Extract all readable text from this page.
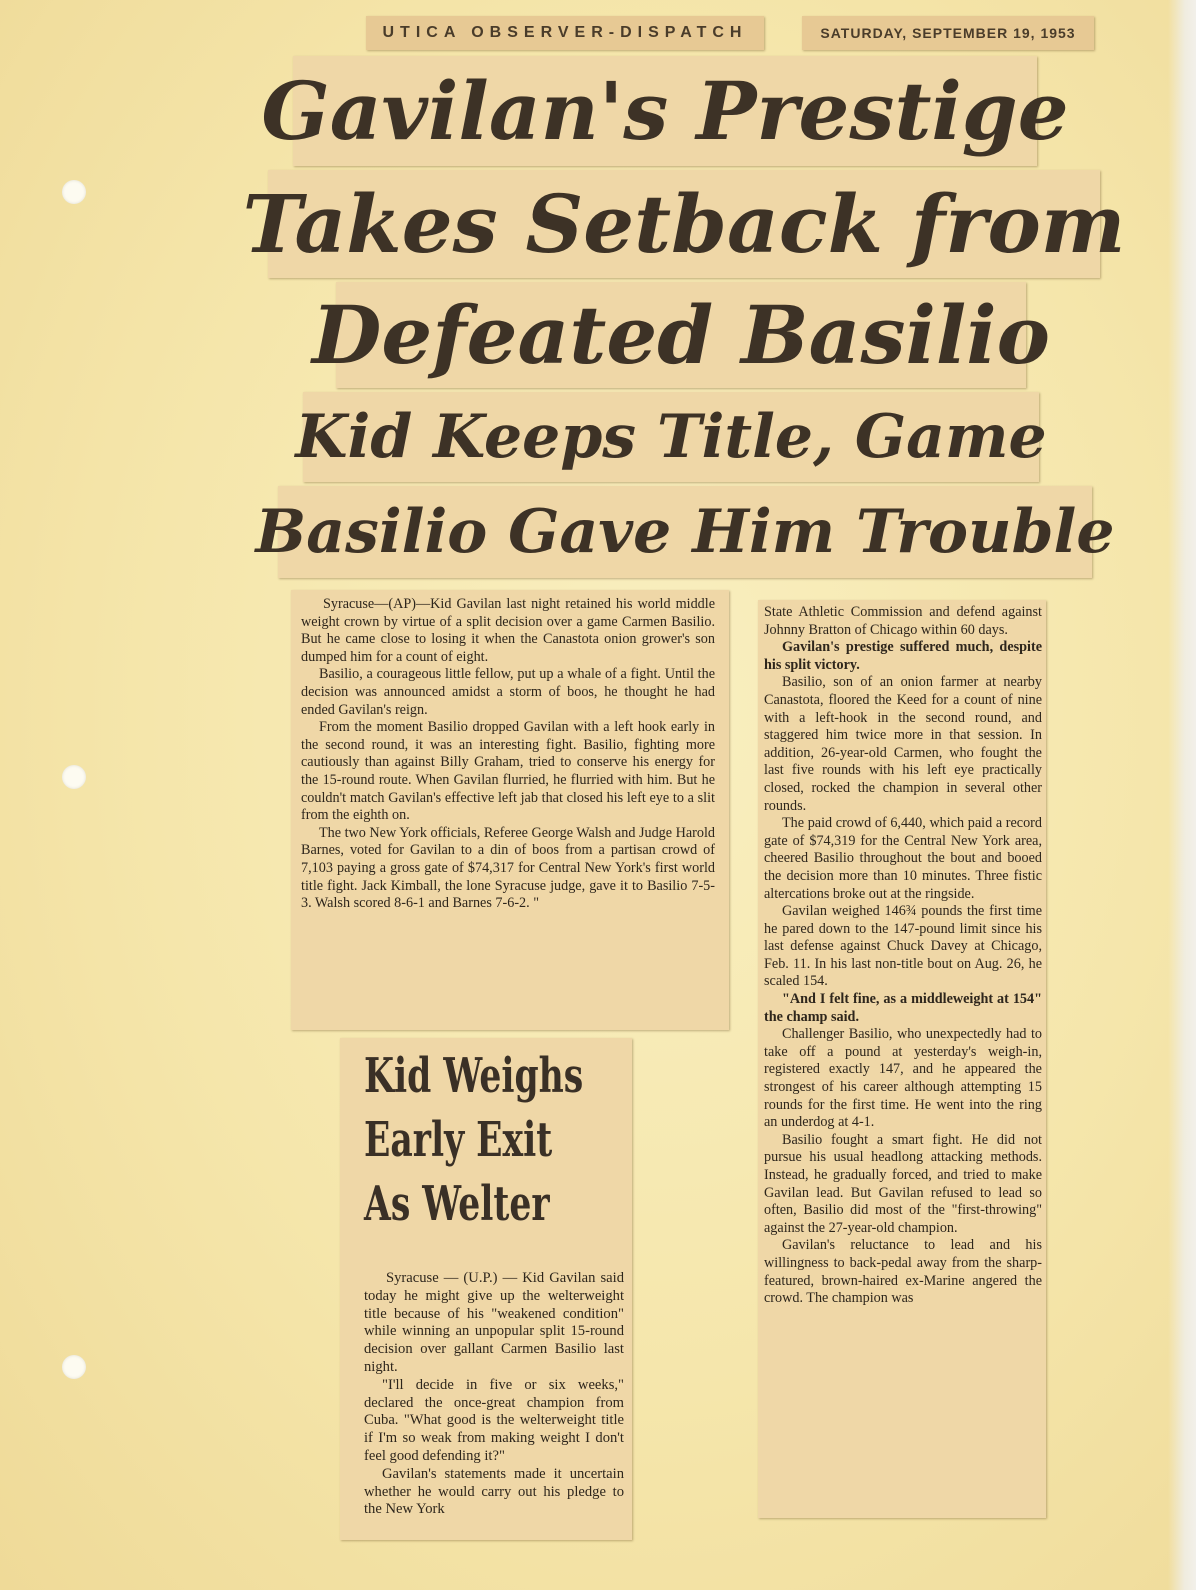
UTICA OBSERVER-DISPATCH	SATURDAY, SEPTEMBER 19, 1953
Gavilan's Prestige
Takes Setback from
Defeated Basilio
Kid Keeps Title, Game
Basilio Gave Him Trouble

Syracuse—(AP)—Kid Gavilan last night retained his world middle weight crown by virtue of a split decision over a game Carmen Basilio. But he came close to losing it when the Canastota onion grower's son dumped him for a count of eight.

Basilio, a courageous little fellow, put up a whale of a fight. Until the decision was announced amidst a storm of boos, he thought he had ended Gavilan's reign.

From the moment Basilio dropped Gavilan with a left hook early in the second round, it was an interesting fight. Basilio, fighting more cautiously than against Billy Graham, tried to conserve his energy for the 15-round route. When Gavilan flurried, he flurried with him. But he couldn't match Gavilan's effective left jab that closed his left eye to a slit from the eighth on.

The two New York officials, Referee George Walsh and Judge Harold Barnes, voted for Gavilan to a din of boos from a partisan crowd of 7,103 paying a gross gate of $74,317 for Central New York's first world title fight. Jack Kimball, the lone Syracuse judge, gave it to Basilio 7-5-3. Walsh scored 8-6-1 and Barnes 7-6-2. "

Kid Weighs
Early Exit
As Welter

Syracuse — (U.P.) — Kid Gavilan said today he might give up the welterweight title because of his "weakened condition" while winning an unpopular split 15-round decision over gallant Carmen Basilio last night.

"I'll decide in five or six weeks," declared the once-great champion from Cuba. "What good is the welterweight title if I'm so weak from making weight I don't feel good defending it?"

Gavilan's statements made it uncertain whether he would carry out his pledge to the New York

State Athletic Commission and defend against Johnny Bratton of Chicago within 60 days.

Gavilan's prestige suffered much, despite his split victory.

Basilio, son of an onion farmer at nearby Canastota, floored the Keed for a count of nine with a left-hook in the second round, and staggered him twice more in that session. In addition, 26-year-old Carmen, who fought the last five rounds with his left eye practically closed, rocked the champion in several other rounds.

The paid crowd of 6,440, which paid a record gate of $74,319 for the Central New York area, cheered Basilio throughout the bout and booed the decision more than 10 minutes. Three fistic altercations broke out at the ringside.

Gavilan weighed 146¾ pounds the first time he pared down to the 147-pound limit since his last defense against Chuck Davey at Chicago, Feb. 11. In his last non-title bout on Aug. 26, he scaled 154.

"And I felt fine, as a middleweight at 154" the champ said.

Challenger Basilio, who unexpectedly had to take off a pound at yesterday's weigh-in, registered exactly 147, and he appeared the strongest of his career although attempting 15 rounds for the first time. He went into the ring an underdog at 4-1.

Basilio fought a smart fight. He did not pursue his usual headlong attacking methods. Instead, he gradually forced, and tried to make Gavilan lead. But Gavilan refused to lead so often, Basilio did most of the "first-throwing" against the 27-year-old champion.

Gavilan's reluctance to lead and his willingness to back-pedal away from the sharp-featured, brown-haired ex-Marine angered the crowd. The champion was
